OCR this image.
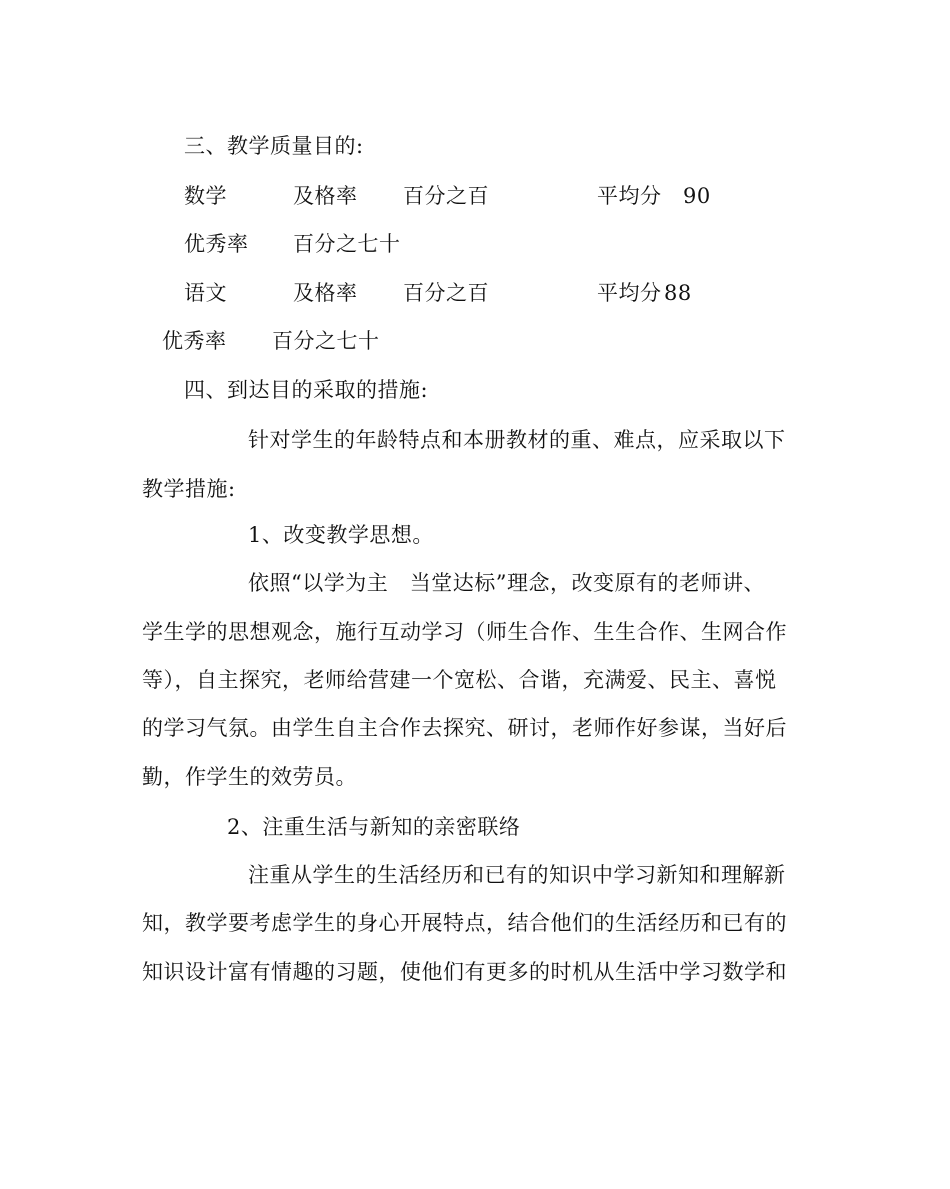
三、教学质量目的:
数学	及格率 百分之百	平均分 90
优秀率 百分之七十
语文	及格率 百分之百	平均分 88
优秀率 百分之七十
四、到达目的采取的措施:
针对学生的年龄特点和本册教材的重、难点，应采取以下
教学措施:
1、改变教学思想。
依照“以学为主　当堂达标”理念，改变原有的老师讲、
学生学的思想观念，施行互动学习（师生合作、生生合作、生网合作
等），自主探究，老师给营建一个宽松、合谐，充满爱、民主、喜悦
的学习气氛。由学生自主合作去探究、研讨，老师作好参谋，当好后
勤，作学生的效劳员。
2、注重生活与新知的亲密联络
注重从学生的生活经历和已有的知识中学习新知和理解新
知，教学要考虑学生的身心开展特点，结合他们的生活经历和已有的
知识设计富有情趣的习题，使他们有更多的时机从生活中学习数学和
